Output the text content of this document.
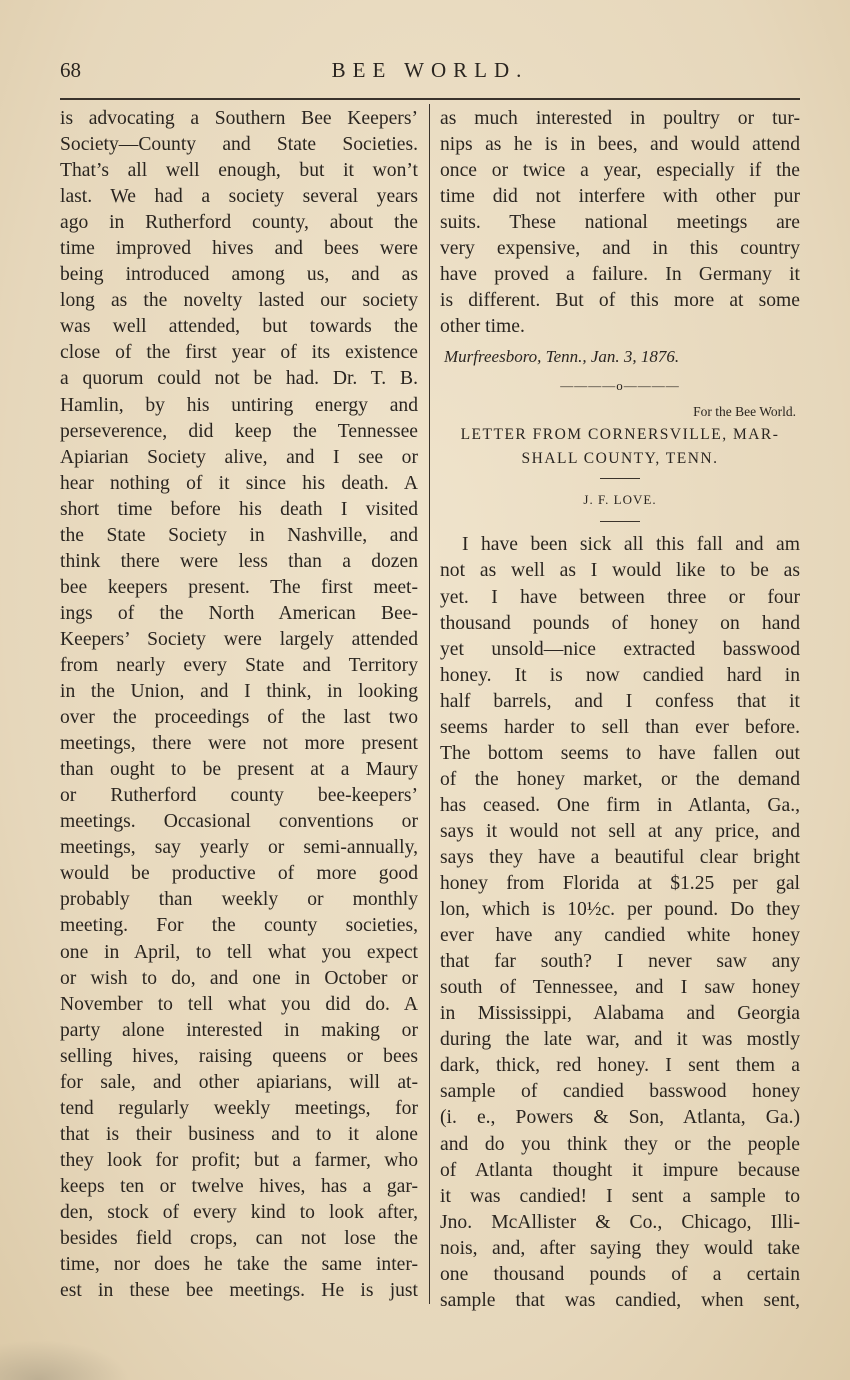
68	BEE WORLD.

is advocating a Southern Bee Keepers’

Society—County and State Societies.

That’s all well enough, but it won’t

last. We had a society several years

ago in Rutherford county, about the

time improved hives and bees were

being introduced among us, and as

long as the novelty lasted our society

was well attended, but towards the

close of the first year of its existence

a quorum could not be had. Dr. T. B.

Hamlin, by his untiring energy and

perseverence, did keep the Tennessee

Apiarian Society alive, and I see or

hear nothing of it since his death. A

short time before his death I visited

the State Society in Nashville, and

think there were less than a dozen

bee keepers present. The first meet-

ings of the North American Bee-

Keepers’ Society were largely attended

from nearly every State and Territory

in the Union, and I think, in looking

over the proceedings of the last two

meetings, there were not more present

than ought to be present at a Maury

or Rutherford county bee-keepers’

meetings. Occasional conventions or

meetings, say yearly or semi-annually,

would be productive of more good

probably than weekly or monthly

meeting. For the county societies,

one in April, to tell what you expect

or wish to do, and one in October or

November to tell what you did do. A

party alone interested in making or

selling hives, raising queens or bees

for sale, and other apiarians, will at-

tend regularly weekly meetings, for

that is their business and to it alone

they look for profit; but a farmer, who

keeps ten or twelve hives, has a gar-

den, stock of every kind to look after,

besides field crops, can not lose the

time, nor does he take the same inter-

est in these bee meetings. He is just

as much interested in poultry or tur-

nips as he is in bees, and would attend

once or twice a year, especially if the

time did not interfere with other pur

suits. These national meetings are

very expensive, and in this country

have proved a failure. In Germany it

is different. But of this more at some

other time.

Murfreesboro, Tenn., Jan. 3, 1876.
————o————
For the Bee World.
LETTER FROM CORNERSVILLE, MAR-
SHALL COUNTY, TENN.
J. F. LOVE.

I have been sick all this fall and am

not as well as I would like to be as

yet. I have between three or four

thousand pounds of honey on hand

yet unsold—nice extracted basswood

honey. It is now candied hard in

half barrels, and I confess that it

seems harder to sell than ever before.

The bottom seems to have fallen out

of the honey market, or the demand

has ceased. One firm in Atlanta, Ga.,

says it would not sell at any price, and

says they have a beautiful clear bright

honey from Florida at $1.25 per gal

lon, which is 10½c. per pound. Do they

ever have any candied white honey

that far south? I never saw any

south of Tennessee, and I saw honey

in Mississippi, Alabama and Georgia

during the late war, and it was mostly

dark, thick, red honey. I sent them a

sample of candied basswood honey

(i. e., Powers & Son, Atlanta, Ga.)

and do you think they or the people

of Atlanta thought it impure because

it was candied! I sent a sample to

Jno. McAllister & Co., Chicago, Illi-

nois, and, after saying they would take

one thousand pounds of a certain

sample that was candied, when sent,
